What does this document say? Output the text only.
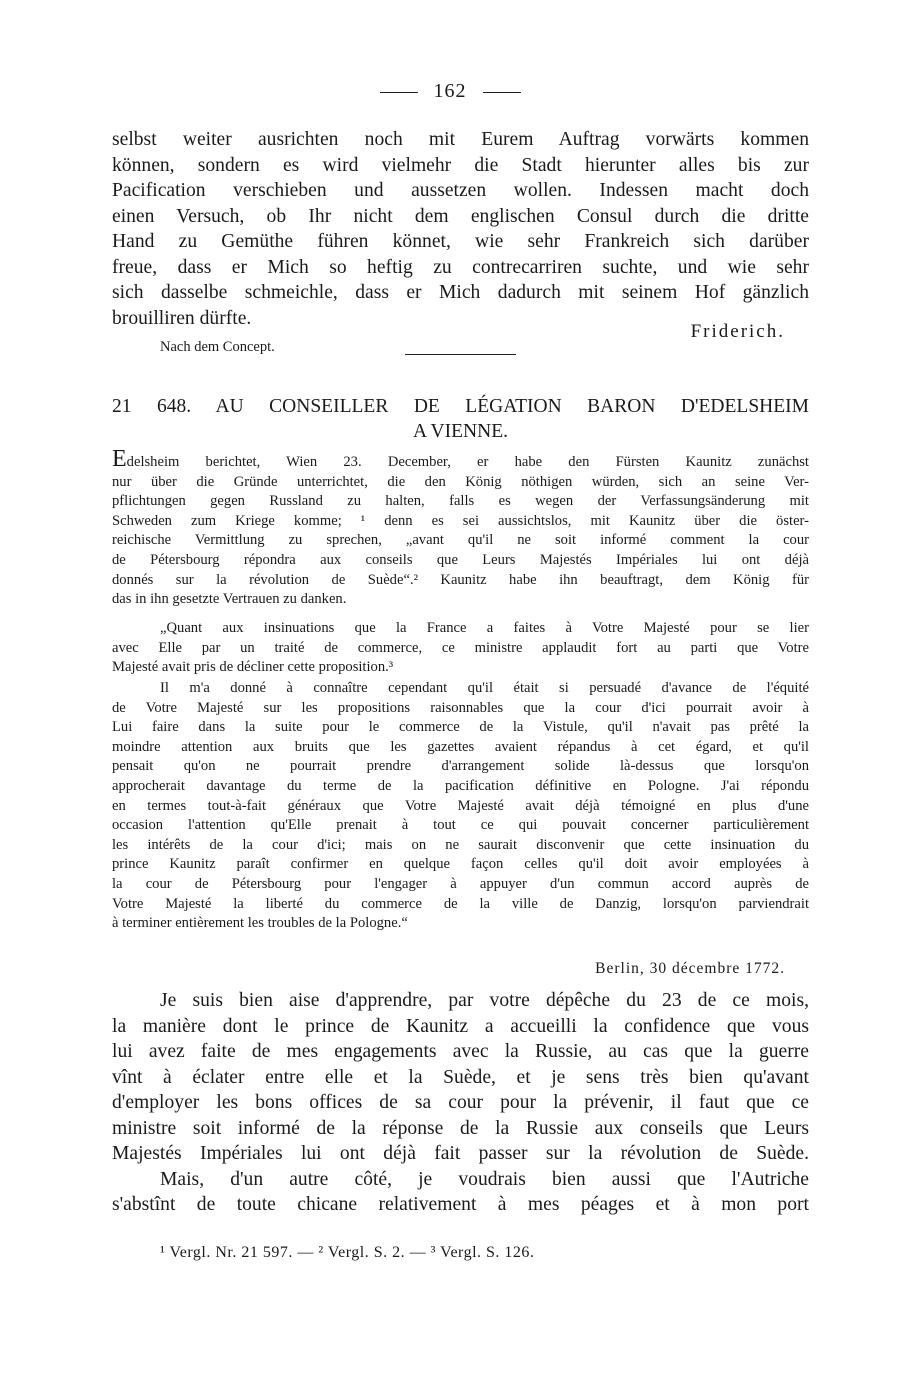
162
selbst weiter ausrichten noch mit Eurem Auftrag vorwärts kommen
können, sondern es wird vielmehr die Stadt hierunter alles bis zur
Pacification verschieben und aussetzen wollen. Indessen macht doch
einen Versuch, ob Ihr nicht dem englischen Consul durch die dritte
Hand zu Gemüthe führen könnet, wie sehr Frankreich sich darüber
freue, dass er Mich so heftig zu contrecarriren suchte, und wie sehr
sich dasselbe schmeichle, dass er Mich dadurch mit seinem Hof gänzlich
brouilliren dürfte.
Friderich.
Nach dem Concept.
21 648. AU CONSEILLER DE LÉGATION BARON D'EDELSHEIM
A VIENNE.
Edelsheim berichtet, Wien 23. December, er habe den Fürsten Kaunitz zunächst
nur über die Gründe unterrichtet, die den König nöthigen würden, sich an seine Ver-
pflichtungen gegen Russland zu halten, falls es wegen der Verfassungsänderung mit
Schweden zum Kriege komme; ¹ denn es sei aussichtslos, mit Kaunitz über die öster-
reichische Vermittlung zu sprechen, „avant qu'il ne soit informé comment la cour
de Pétersbourg répondra aux conseils que Leurs Majestés Impériales lui ont déjà
donnés sur la révolution de Suède“.² Kaunitz habe ihn beauftragt, dem König für
das in ihn gesetzte Vertrauen zu danken.
„Quant aux insinuations que la France a faites à Votre Majesté pour se lier
avec Elle par un traité de commerce, ce ministre applaudit fort au parti que Votre
Majesté avait pris de décliner cette proposition.³
Il m'a donné à connaître cependant qu'il était si persuadé d'avance de l'équité
de Votre Majesté sur les propositions raisonnables que la cour d'ici pourrait avoir à
Lui faire dans la suite pour le commerce de la Vistule, qu'il n'avait pas prêté la
moindre attention aux bruits que les gazettes avaient répandus à cet égard, et qu'il
pensait qu'on ne pourrait prendre d'arrangement solide là-dessus que lorsqu'on
approcherait davantage du terme de la pacification définitive en Pologne. J'ai répondu
en termes tout-à-fait généraux que Votre Majesté avait déjà témoigné en plus d'une
occasion l'attention qu'Elle prenait à tout ce qui pouvait concerner particulièrement
les intérêts de la cour d'ici; mais on ne saurait disconvenir que cette insinuation du
prince Kaunitz paraît confirmer en quelque façon celles qu'il doit avoir employées à
la cour de Pétersbourg pour l'engager à appuyer d'un commun accord auprès de
Votre Majesté la liberté du commerce de la ville de Danzig, lorsqu'on parviendrait
à terminer entièrement les troubles de la Pologne.“
Berlin, 30 décembre 1772.
Je suis bien aise d'apprendre, par votre dépêche du 23 de ce mois,
la manière dont le prince de Kaunitz a accueilli la confidence que vous
lui avez faite de mes engagements avec la Russie, au cas que la guerre
vînt à éclater entre elle et la Suède, et je sens très bien qu'avant
d'employer les bons offices de sa cour pour la prévenir, il faut que ce
ministre soit informé de la réponse de la Russie aux conseils que Leurs
Majestés Impériales lui ont déjà fait passer sur la révolution de Suède.
Mais, d'un autre côté, je voudrais bien aussi que l'Autriche
s'abstînt de toute chicane relativement à mes péages et à mon port
¹ Vergl. Nr. 21 597. — ² Vergl. S. 2. — ³ Vergl. S. 126.
